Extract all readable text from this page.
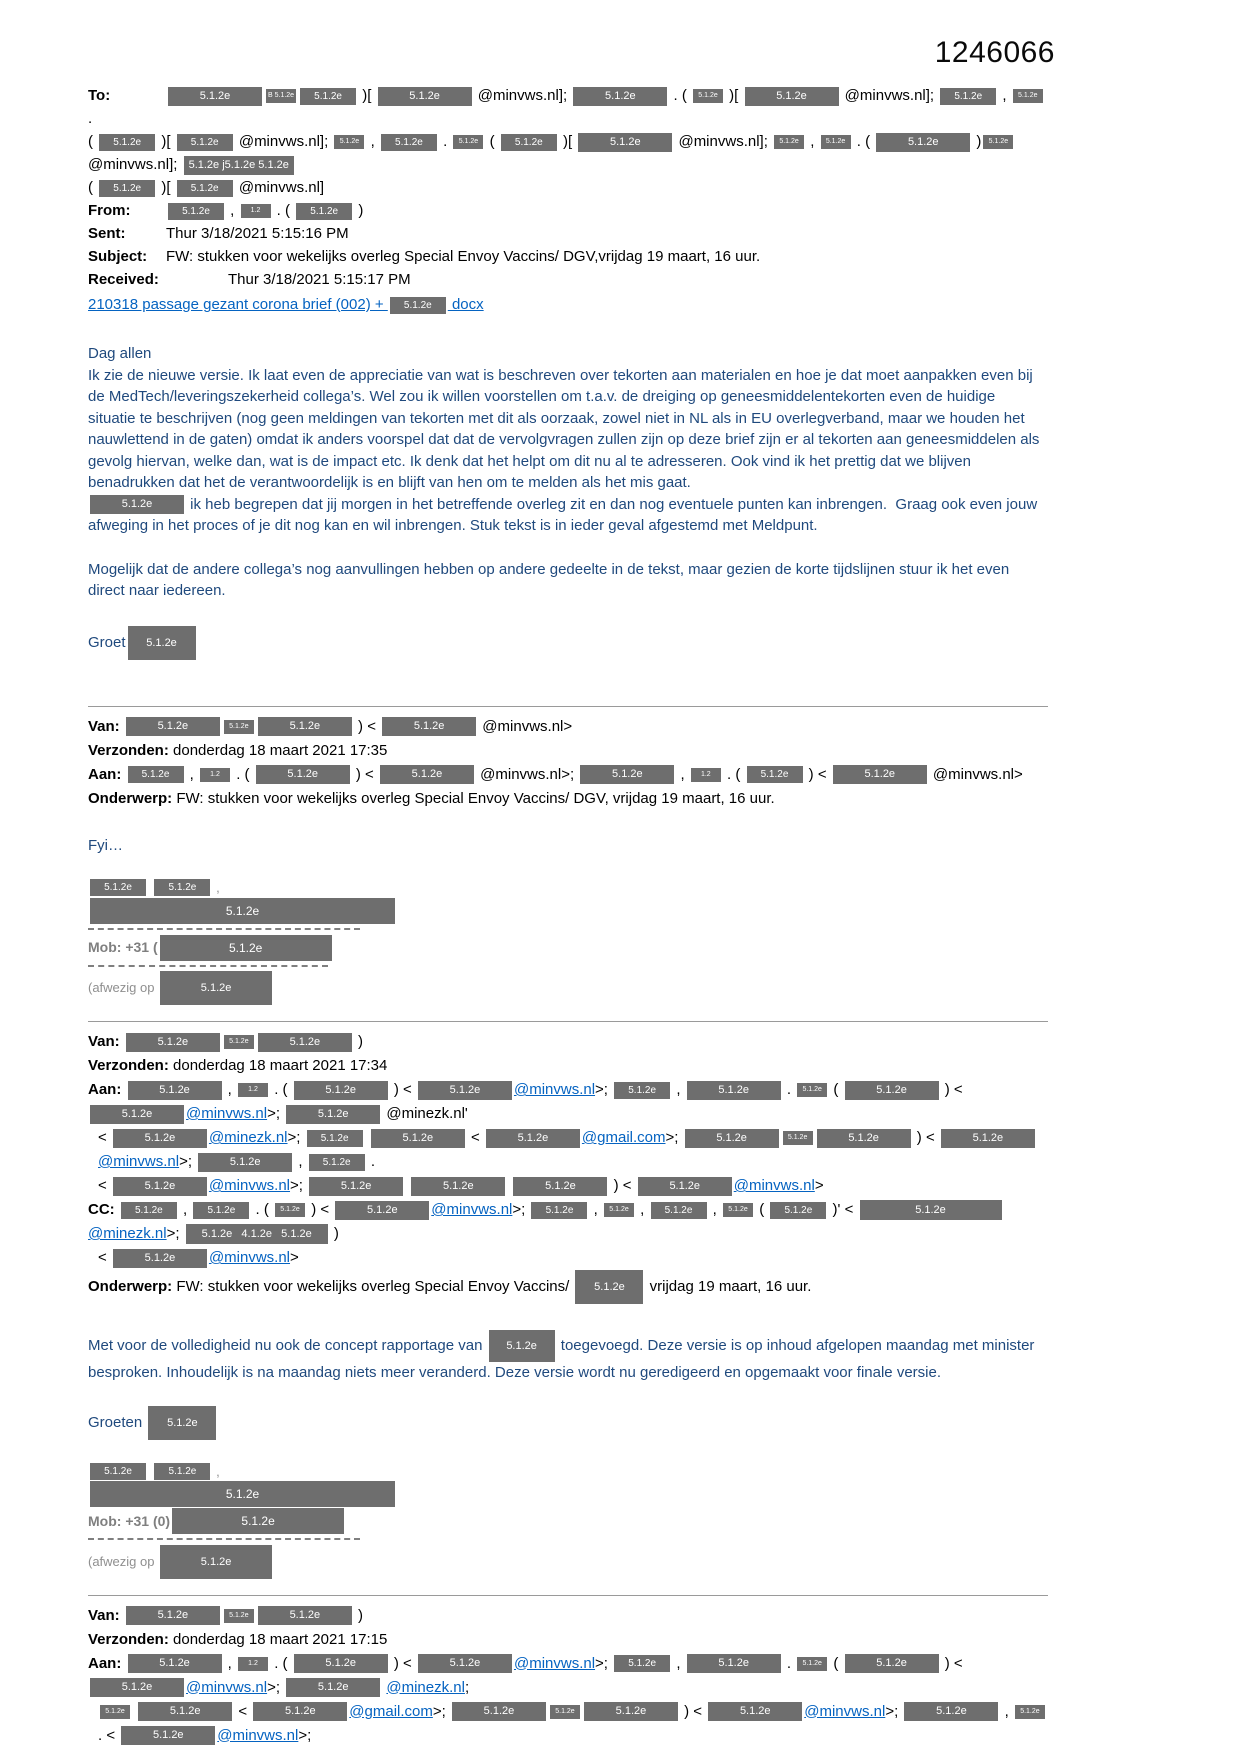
1246066
To:	5.1.2e	B 5.1.2e 5.1.2e )[	5.1.2e @minvws.nl];	5.1.2e . ( 5.1.2e )[	5.1.2e @minvws.nl]; 5.1.2e , 5.1.2e .
( 5.1.2e )[ 5.1.2e @minvws.nl]; 5.1.2e , 5.1.2e . 5.1.2e ( 5.1.2e )[	5.1.2e @minvws.nl]; 5.1.2e , 5.1.2e . (	5.1.2e ) 5.1.2e @minvws.nl]; 5.1.2e j5.1.2e 5.1.2e
( 5.1.2e )[ 5.1.2e @minvws.nl]
From:	5.1.2e , 1.2 . ( 5.1.2e )
Sent:	Thur 3/18/2021 5:15:16 PM
Subject: FW: stukken voor wekelijks overleg Special Envoy Vaccins/ DGV,vrijdag 19 maart, 16 uur.
Received:	Thur 3/18/2021 5:15:17 PM
210318 passage gezant corona brief (002) + 5.1.2e docx

Dag allen

Ik zie de nieuwe versie. Ik laat even de appreciatie van wat is beschreven over tekorten aan materialen en hoe je dat moet aanpakken even bij de MedTech/leveringszekerheid collega’s. Wel zou ik willen voorstellen om t.a.v. de dreiging op geneesmiddelentekorten even de huidige situatie te beschrijven (nog geen meldingen van tekorten met dit als oorzaak, zowel niet in NL als in EU overlegverband, maar we houden het nauwlettend in de gaten) omdat ik anders voorspel dat dat de vervolgvragen zullen zijn op deze brief zijn er al tekorten aan geneesmiddelen als gevolg hiervan, welke dan, wat is de impact etc. Ik denk dat het helpt om dit nu al te adresseren. Ook vind ik het prettig dat we blijven benadrukken dat het de verantwoordelijk is en blijft van hen om te melden als het mis gaat.

5.1.2e ik heb begrepen dat jij morgen in het betreffende overleg zit en dan nog eventuele punten kan inbrengen.  Graag ook even jouw afweging in het proces of je dit nog kan en wil inbrengen. Stuk tekst is in ieder geval afgestemd met Meldpunt.

Mogelijk dat de andere collega’s nog aanvullingen hebben op andere gedeelte in de tekst, maar gezien de korte tijdslijnen stuur ik het even direct naar iedereen.

Groet 5.1.2e

Van:	5.1.2e	5.1.2e	5.1.2e ) <	5.1.2e @minvws.nl>
Verzonden: donderdag 18 maart 2021 17:35
Aan: 5.1.2e , 1.2 . (	5.1.2e ) <	5.1.2e @minvws.nl>;	5.1.2e , 1.2 . ( 5.1.2e ) <	5.1.2e @minvws.nl>
Onderwerp: FW: stukken voor wekelijks overleg Special Envoy Vaccins/ DGV, vrijdag 19 maart, 16 uur.

Fyi…

5.1.2e	5.1.2e ,
5.1.2e
Mob: +31 (	5.1.2e
(afwezig op	5.1.2e
Van:	5.1.2e	5.1.2e	5.1.2e )
Verzonden: donderdag 18 maart 2021 17:34
Aan:	5.1.2e , 1.2 . (	5.1.2e ) <	5.1.2e @minvws.nl>; 5.1.2e ,	5.1.2e . 5.1.2e (	5.1.2e ) < 5.1.2e @minvws.nl>;	5.1.2e @minezk.nl'
<	5.1.2e @minezk.nl>; 5.1.2e	5.1.2e <	5.1.2e @gmail.com>;	5.1.2e	5.1.2e	5.1.2e ) <	5.1.2e@minvws.nl>;	5.1.2e , 5.1.2e .
<	5.1.2e @minvws.nl>;	5.1.2e	5.1.2e	5.1.2e ) <	5.1.2e @minvws.nl>
CC: 5.1.2e , 5.1.2e . ( 5.1.2e ) <	5.1.2e @minvws.nl>; 5.1.2e , 5.1.2e , 5.1.2e , 5.1.2e ( 5.1.2e )' <	5.1.2e @minezk.nl>; 5.1.2e   4.1.2e   5.1.2e )
<	5.1.2e @minvws.nl>
Onderwerp: FW: stukken voor wekelijks overleg Special Envoy Vaccins/ 5.1.2e vrijdag 19 maart, 16 uur.

Met voor de volledigheid nu ook de concept rapportage van 5.1.2e toegevoegd. Deze versie is op inhoud afgelopen maandag met minister besproken. Inhoudelijk is na maandag niets meer veranderd. Deze versie wordt nu geredigeerd en opgemaakt voor finale versie.

Groeten 5.1.2e

5.1.2e	5.1.2e ,
5.1.2e
Mob: +31 (0)	5.1.2e
(afwezig op	5.1.2e
Van:	5.1.2e	5.1.2e	5.1.2e )
Verzonden: donderdag 18 maart 2021 17:15
Aan:	5.1.2e , 1.2 . (	5.1.2e ) <	5.1.2e @minvws.nl>; 5.1.2e ,	5.1.2e . 5.1.2e (	5.1.2e ) < 5.1.2e @minvws.nl>;	5.1.2e	@minezk.nl;
5.1.2e	5.1.2e <	5.1.2e @gmail.com>;	5.1.2e	5.1.2e	5.1.2e ) <	5.1.2e @minvws.nl>;	5.1.2e , 5.1.2e . <	5.1.2e @minvws.nl>;
